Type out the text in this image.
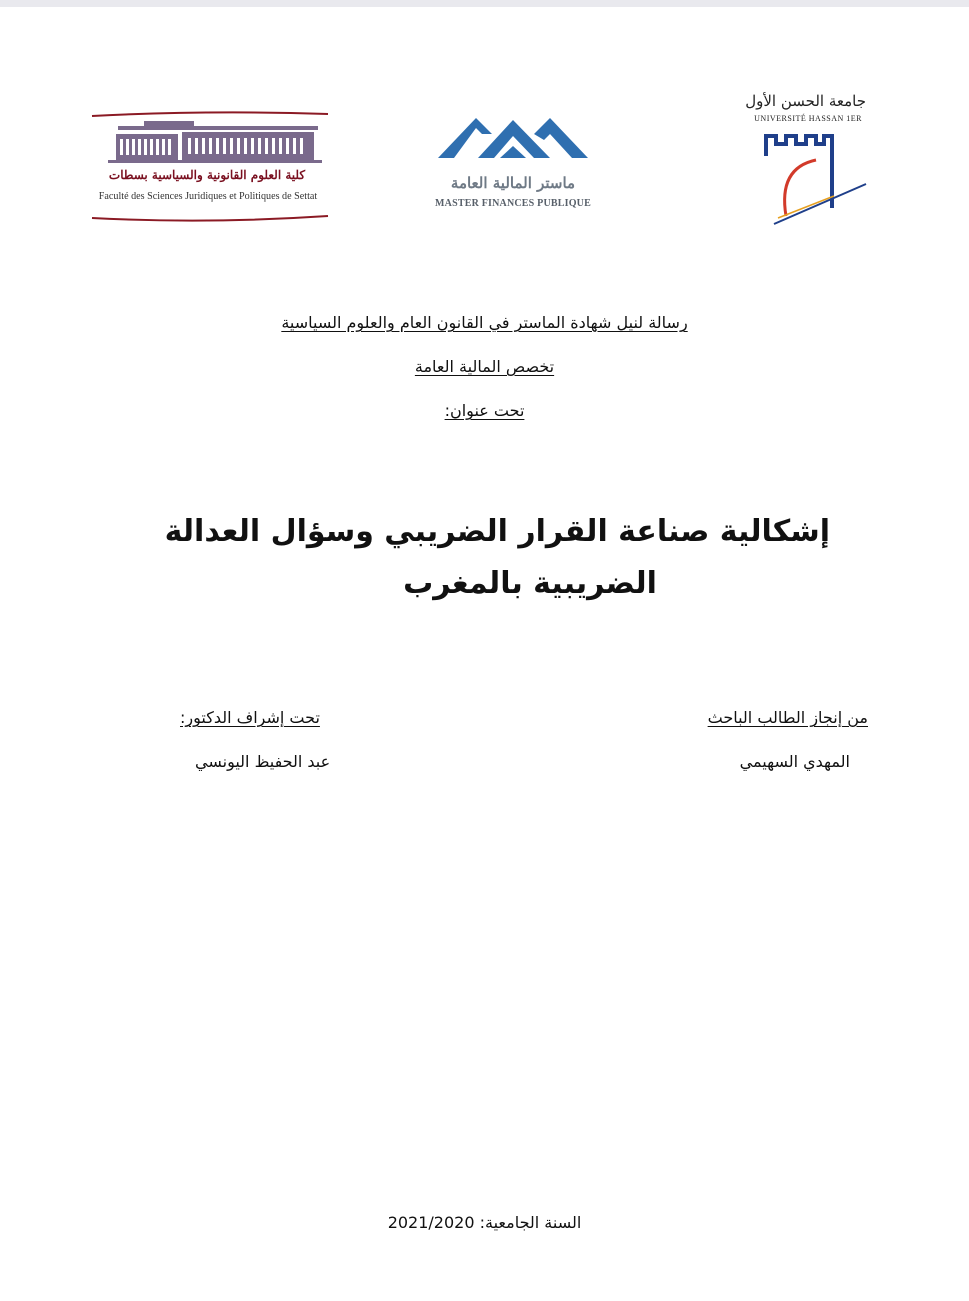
كلية العلوم القانونية والسياسية بسطات
Faculté des Sciences Juridiques et Politiques de Settat
ماستر المالية العامة
MASTER FINANCES PUBLIQUE
جامعة الحسن الأول
UNIVERSITÉ HASSAN 1ER
رسالة لنيل شهادة الماستر في القانون العام والعلوم السياسية
تخصص المالية العامة
تحت عنوان:
إشكالية صناعة القرار الضريبي وسؤال العدالة
الضريبية بالمغرب
من إنجاز الطالب الباحث
المهدي السهيمي
تحت إشراف الدكتور:
عبد الحفيظ اليونسي
السنة الجامعية: 2021/2020
